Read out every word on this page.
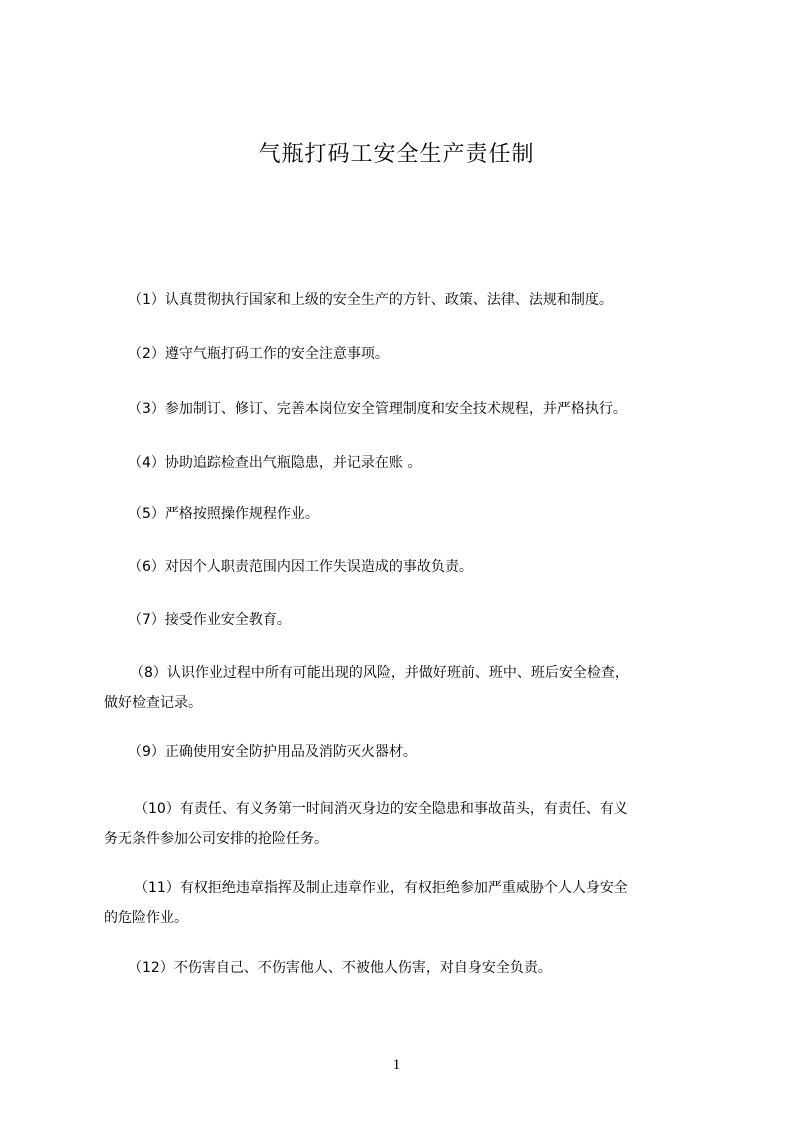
气瓶打码工安全生产责任制
（1）认真贯彻执行国家和上级的安全生产的方针、政策、法律、法规和制度。
（2）遵守气瓶打码工作的安全注意事项。
（3）参加制订、修订、完善本岗位安全管理制度和安全技术规程，并严格执行。
（4）协助追踪检查出气瓶隐患，并记录在账 。
（5）严格按照操作规程作业。
（6）对因个人职责范围内因工作失误造成的事故负责。
（7）接受作业安全教育。
（8）认识作业过程中所有可能出现的风险，并做好班前、班中、班后安全检查，
做好检查记录。
（9）正确使用安全防护用品及消防灭火器材。
（10）有责任、有义务第一时间消灭身边的安全隐患和事故苗头，有责任、有义
务无条件参加公司安排的抢险任务。
（11）有权拒绝违章指挥及制止违章作业，有权拒绝参加严重威胁个人人身安全
的危险作业。
（12）不伤害自己、不伤害他人、不被他人伤害，对自身安全负责。
1
